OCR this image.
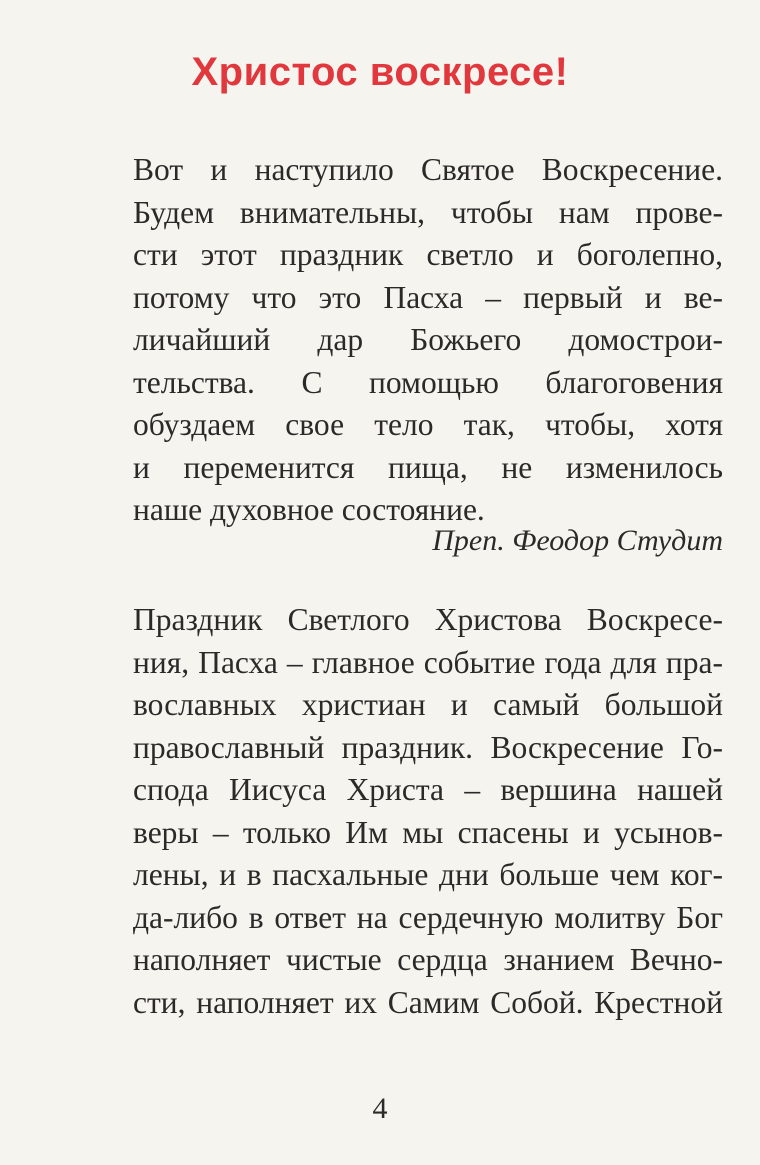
Христос воскресе!
Вот и наступило Святое Воскресение.
Будем внимательны, чтобы нам прове-
сти этот праздник светло и боголепно,
потому что это Пасха – первый и ве-
личайший дар Божьего домострои-
тельства. С помощью благоговения
обуздаем свое тело так, чтобы, хотя
и переменится пища, не изменилось
наше духовное состояние.
Преп. Феодор Студит
Праздник Светлого Христова Воскресе-
ния, Пасха – главное событие года для пра-
вославных христиан и самый большой
православный праздник. Воскресение Го-
спода Иисуса Христа – вершина нашей
веры – только Им мы спасены и усынов-
лены, и в пасхальные дни больше чем ког-
да-либо в ответ на сердечную молитву Бог
наполняет чистые сердца знанием Вечно-
сти, наполняет их Самим Собой. Крестной
4
